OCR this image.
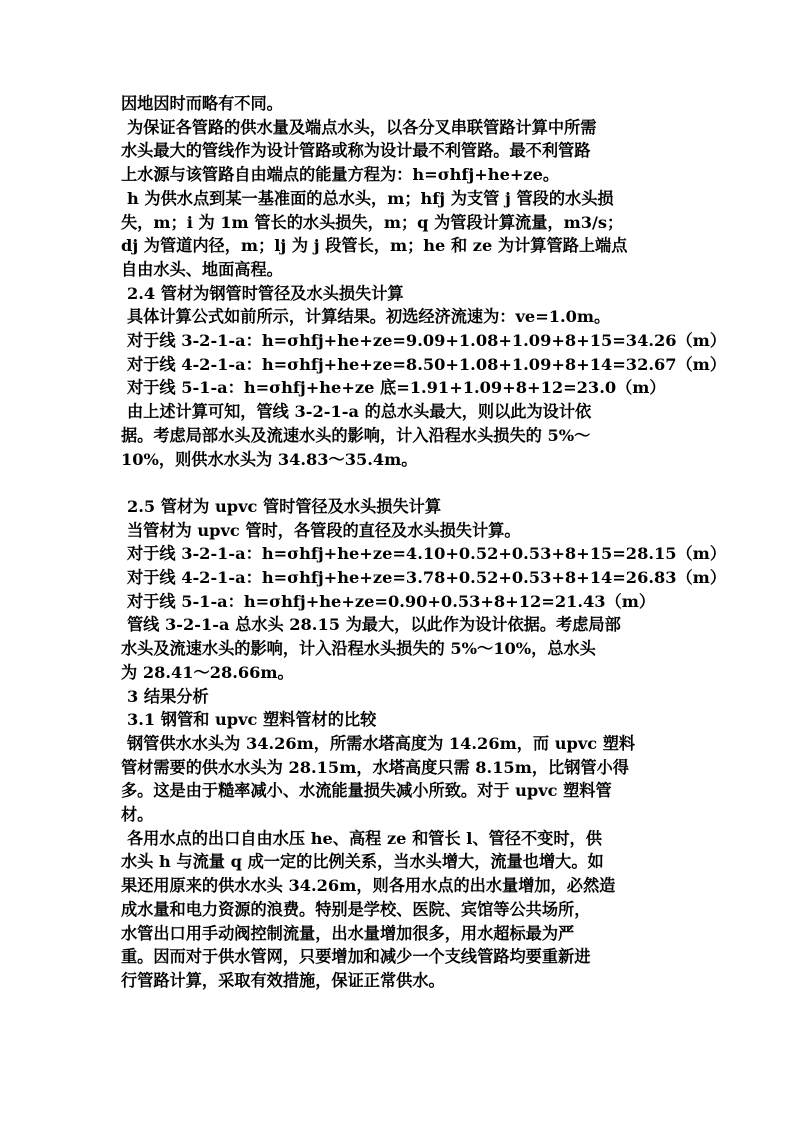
因地因时而略有不同。
为保证各管路的供水量及端点水头，以各分叉串联管路计算中所需
水头最大的管线作为设计管路或称为设计最不利管路。最不利管路
上水源与该管路自由端点的能量方程为：h=σhfj+he+ze。
h 为供水点到某一基准面的总水头，m；hfj 为支管 j 管段的水头损
失，m；i 为 1m 管长的水头损失，m；q 为管段计算流量，m3/s；
dj 为管道内径，m；lj 为 j 段管长，m；he 和 ze 为计算管路上端点
自由水头、地面高程。
2.4 管材为钢管时管径及水头损失计算
具体计算公式如前所示，计算结果。初选经济流速为：ve=1.0m。
对于线 3-2-1-a：h=σhfj+he+ze=9.09+1.08+1.09+8+15=34.26（m）
对于线 4-2-1-a：h=σhfj+he+ze=8.50+1.08+1.09+8+14=32.67（m）
对于线 5-1-a：h=σhfj+he+ze 底=1.91+1.09+8+12=23.0（m）
由上述计算可知，管线 3-2-1-a 的总水头最大，则以此为设计依
据。考虑局部水头及流速水头的影响，计入沿程水头损失的 5%～
10%，则供水水头为 34.83～35.4m。
2.5 管材为 upvc 管时管径及水头损失计算
当管材为 upvc 管时，各管段的直径及水头损失计算。
对于线 3-2-1-a：h=σhfj+he+ze=4.10+0.52+0.53+8+15=28.15（m）
对于线 4-2-1-a：h=σhfj+he+ze=3.78+0.52+0.53+8+14=26.83（m）
对于线 5-1-a：h=σhfj+he+ze=0.90+0.53+8+12=21.43（m）
管线 3-2-1-a 总水头 28.15 为最大，以此作为设计依据。考虑局部
水头及流速水头的影响，计入沿程水头损失的 5%～10%，总水头
为 28.41～28.66m。
3 结果分析
3.1 钢管和 upvc 塑料管材的比较
钢管供水水头为 34.26m，所需水塔高度为 14.26m，而 upvc 塑料
管材需要的供水水头为 28.15m，水塔高度只需 8.15m，比钢管小得
多。这是由于糙率减小、水流能量损失减小所致。对于 upvc 塑料管
材。
各用水点的出口自由水压 he、高程 ze 和管长 l、管径不变时，供
水头 h 与流量 q 成一定的比例关系，当水头增大，流量也增大。如
果还用原来的供水水头 34.26m，则各用水点的出水量增加，必然造
成水量和电力资源的浪费。特别是学校、医院、宾馆等公共场所，
水管出口用手动阀控制流量，出水量增加很多，用水超标最为严
重。因而对于供水管网，只要增加和减少一个支线管路均要重新进
行管路计算，采取有效措施，保证正常供水。
